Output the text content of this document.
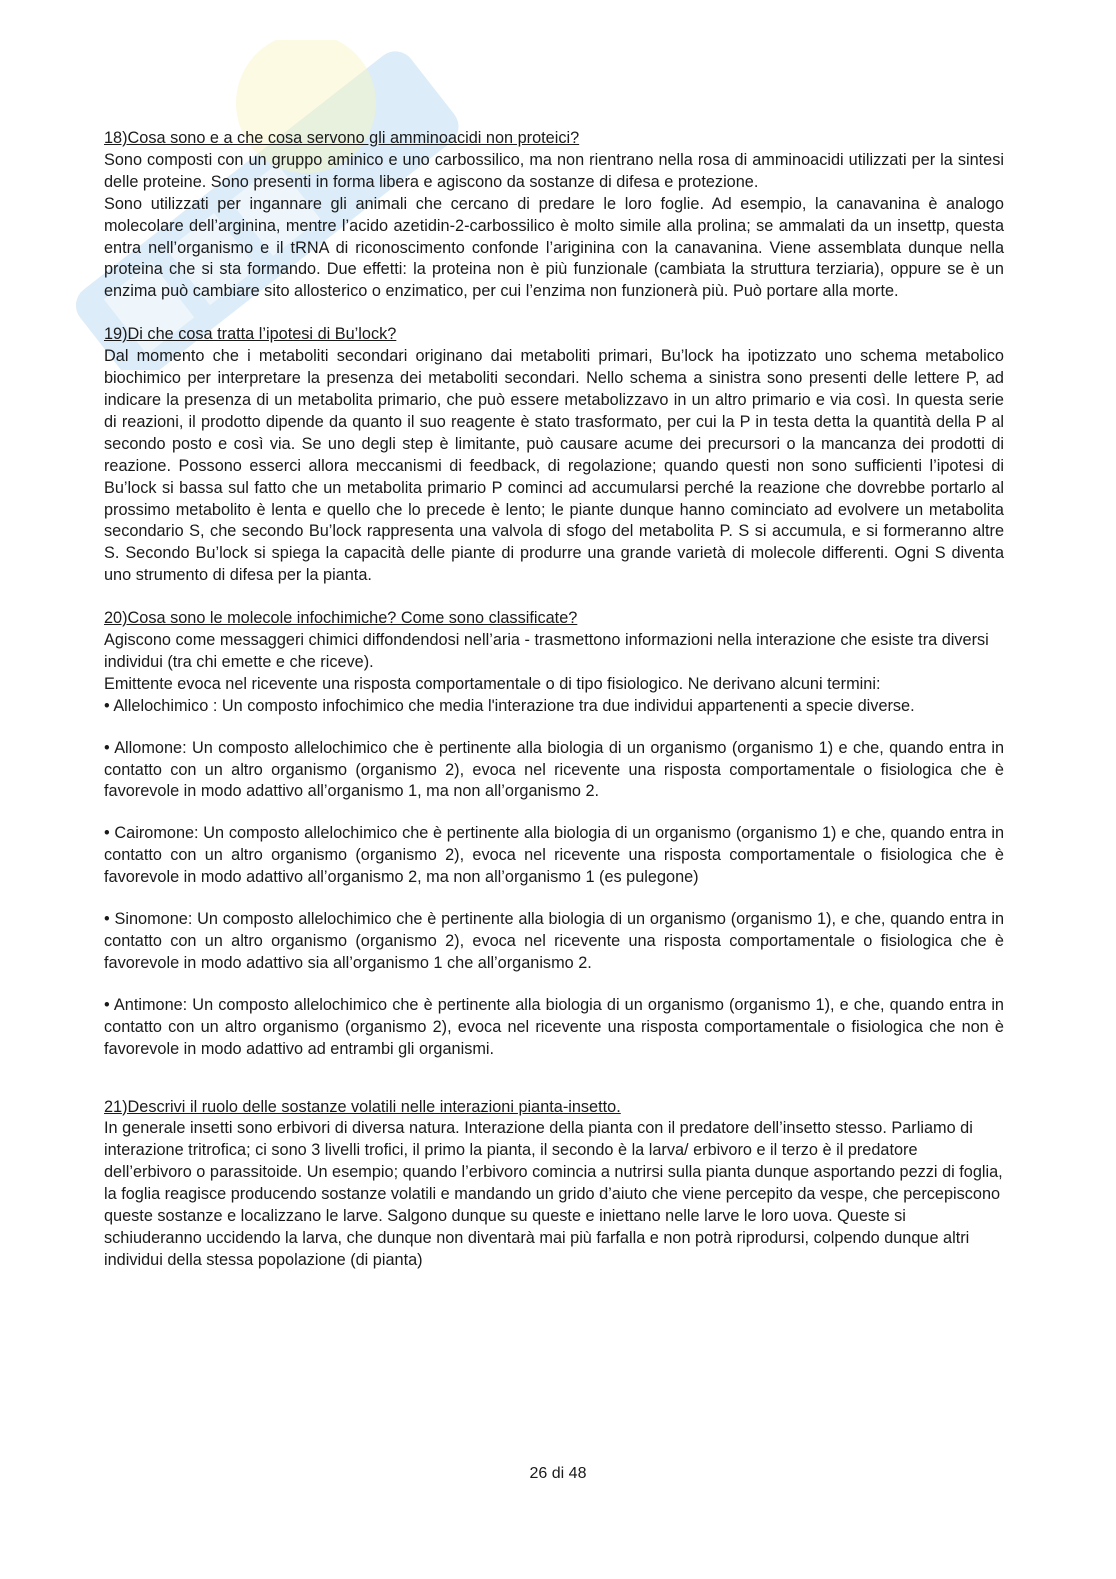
18)Cosa sono e a che cosa servono gli amminoacidi non proteici?

Sono composti con un gruppo aminico e uno carbossilico, ma non rientrano nella rosa di amminoacidi utilizzati per la sintesi delle proteine. Sono presenti in forma libera e agiscono da sostanze di difesa e protezione.

Sono utilizzati per ingannare gli animali che cercano di predare le loro foglie. Ad esempio, la canavanina è analogo molecolare dell’arginina, mentre l’acido azetidin-2-carbossilico è molto simile alla prolina; se ammalati da un insettp, questa entra nell’organismo e il tRNA di riconoscimento confonde l’ariginina con la canavanina. Viene assemblata dunque nella proteina che si sta formando. Due effetti: la proteina non è più funzionale (cambiata la struttura terziaria), oppure se è un enzima può cambiare sito allosterico o enzimatico, per cui l’enzima non funzionerà più. Può portare alla morte.

19)Di che cosa tratta l’ipotesi di Bu’lock?

Dal momento che i metaboliti secondari originano dai metaboliti primari, Bu’lock ha ipotizzato uno schema metabolico biochimico per interpretare la presenza dei metaboliti secondari. Nello schema a sinistra sono presenti delle lettere P, ad indicare la presenza di un metabolita primario, che può essere metabolizzavo in un altro primario e via così. In questa serie di reazioni, il prodotto dipende da quanto il suo reagente è stato trasformato, per cui la P in testa detta la quantità della P al secondo posto e così via. Se uno degli step è limitante, può causare acume dei precursori o la mancanza dei prodotti di reazione. Possono esserci allora meccanismi di feedback, di regolazione; quando questi non sono sufficienti l’ipotesi di Bu’lock si bassa sul fatto che un metabolita primario P cominci ad accumularsi perché la reazione che dovrebbe portarlo al prossimo metabolito è lenta e quello che lo precede è lento; le piante dunque hanno cominciato ad evolvere un metabolita secondario S, che secondo Bu’lock rappresenta una valvola di sfogo del metabolita P. S si accumula, e si formeranno altre S. Secondo Bu’lock si spiega la capacità delle piante di produrre una grande varietà di molecole differenti. Ogni S diventa uno strumento di difesa per la pianta.

20)Cosa sono le molecole infochimiche? Come sono classificate?

Agiscono come messaggeri chimici diffondendosi nell’aria - trasmettono informazioni nella interazione che esiste tra diversi individui (tra chi emette e che riceve).

Emittente evoca nel ricevente una risposta comportamentale o di tipo fisiologico. Ne derivano alcuni termini:

• Allelochimico : Un composto infochimico che media l'interazione tra due individui appartenenti a specie diverse.

• Allomone: Un composto allelochimico che è pertinente alla biologia di un organismo (organismo 1) e che, quando entra in contatto con un altro organismo (organismo 2), evoca nel ricevente una risposta comportamentale o fisiologica che è favorevole in modo adattivo all’organismo 1, ma non all’organismo 2.

• Cairomone: Un composto allelochimico che è pertinente alla biologia di un organismo (organismo 1) e che, quando entra in contatto con un altro organismo (organismo 2), evoca nel ricevente una risposta comportamentale o fisiologica che è favorevole in modo adattivo all’organismo 2, ma non all’organismo 1 (es pulegone)

• Sinomone: Un composto allelochimico che è pertinente alla biologia di un organismo (organismo 1), e che, quando entra in contatto con un altro organismo (organismo 2), evoca nel ricevente una risposta comportamentale o fisiologica che è favorevole in modo adattivo sia all’organismo 1 che all’organismo 2.

• Antimone: Un composto allelochimico che è pertinente alla biologia di un organismo (organismo 1), e che, quando entra in contatto con un altro organismo (organismo 2), evoca nel ricevente una risposta comportamentale o fisiologica che non è favorevole in modo adattivo ad entrambi gli organismi.

21)Descrivi il ruolo delle sostanze volatili nelle interazioni pianta-insetto.

In generale insetti sono erbivori di diversa natura. Interazione della pianta con il predatore dell’insetto stesso. Parliamo di interazione tritrofica; ci sono 3 livelli trofici, il primo la pianta, il secondo è la larva/ erbivoro e il terzo è il predatore dell’erbivoro o parassitoide. Un esempio; quando l’erbivoro comincia a nutrirsi sulla pianta dunque asportando pezzi di foglia, la foglia reagisce producendo sostanze volatili e mandando un grido d’aiuto che viene percepito da vespe, che percepiscono queste sostanze e localizzano le larve. Salgono dunque su queste e iniettano nelle larve le loro uova. Queste si schiuderanno uccidendo la larva, che dunque non diventarà mai più farfalla e non potrà riprodursi, colpendo dunque altri individui della stessa popolazione (di pianta)

26 di 48
